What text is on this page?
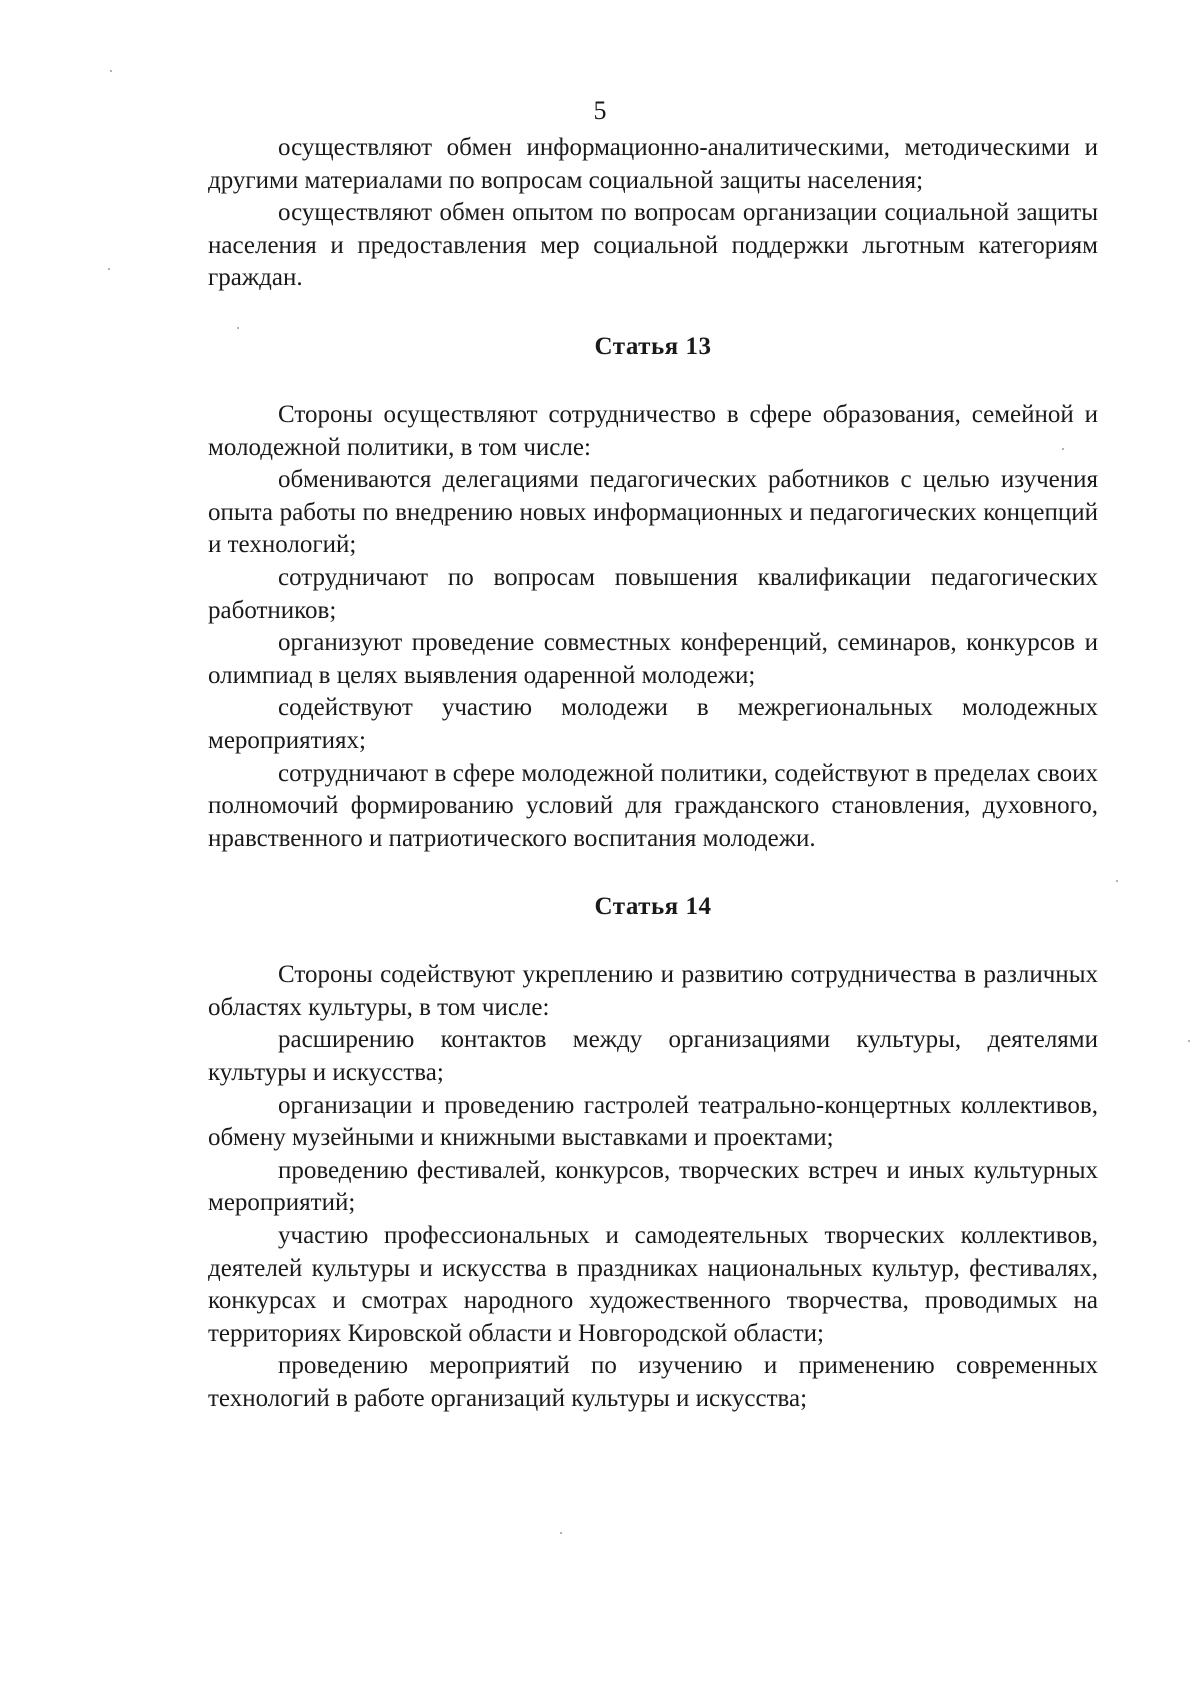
5

осуществляют обмен информационно-аналитическими, методическими и другими материалами по вопросам социальной защиты населения;

осуществляют обмен опытом по вопросам организации социальной защиты населения и предоставления мер социальной поддержки льготным категориям граждан.

Статья 13

Стороны осуществляют сотрудничество в сфере образования, семейной и молодежной политики, в том числе:

обмениваются делегациями педагогических работников с целью изучения опыта работы по внедрению новых информационных и педагогических концепций и технологий;

сотрудничают по вопросам повышения квалификации педагогических работников;

организуют проведение совместных конференций, семинаров, конкурсов и олимпиад в целях выявления одаренной молодежи;

содействуют участию молодежи в межрегиональных молодежных мероприятиях;

сотрудничают в сфере молодежной политики, содействуют в пределах своих полномочий формированию условий для гражданского становления, духовного, нравственного и патриотического воспитания молодежи.

Статья 14

Стороны содействуют укреплению и развитию сотрудничества в различных областях культуры, в том числе:

расширению контактов между организациями культуры, деятелями культуры и искусства;

организации и проведению гастролей театрально-концертных коллективов, обмену музейными и книжными выставками и проектами;

проведению фестивалей, конкурсов, творческих встреч и иных культурных мероприятий;

участию профессиональных и самодеятельных творческих коллективов, деятелей культуры и искусства в праздниках национальных культур, фестивалях, конкурсах и смотрах народного художественного творчества, проводимых на территориях Кировской области и Новгородской области;

проведению мероприятий по изучению и применению современных технологий в работе организаций культуры и искусства;
